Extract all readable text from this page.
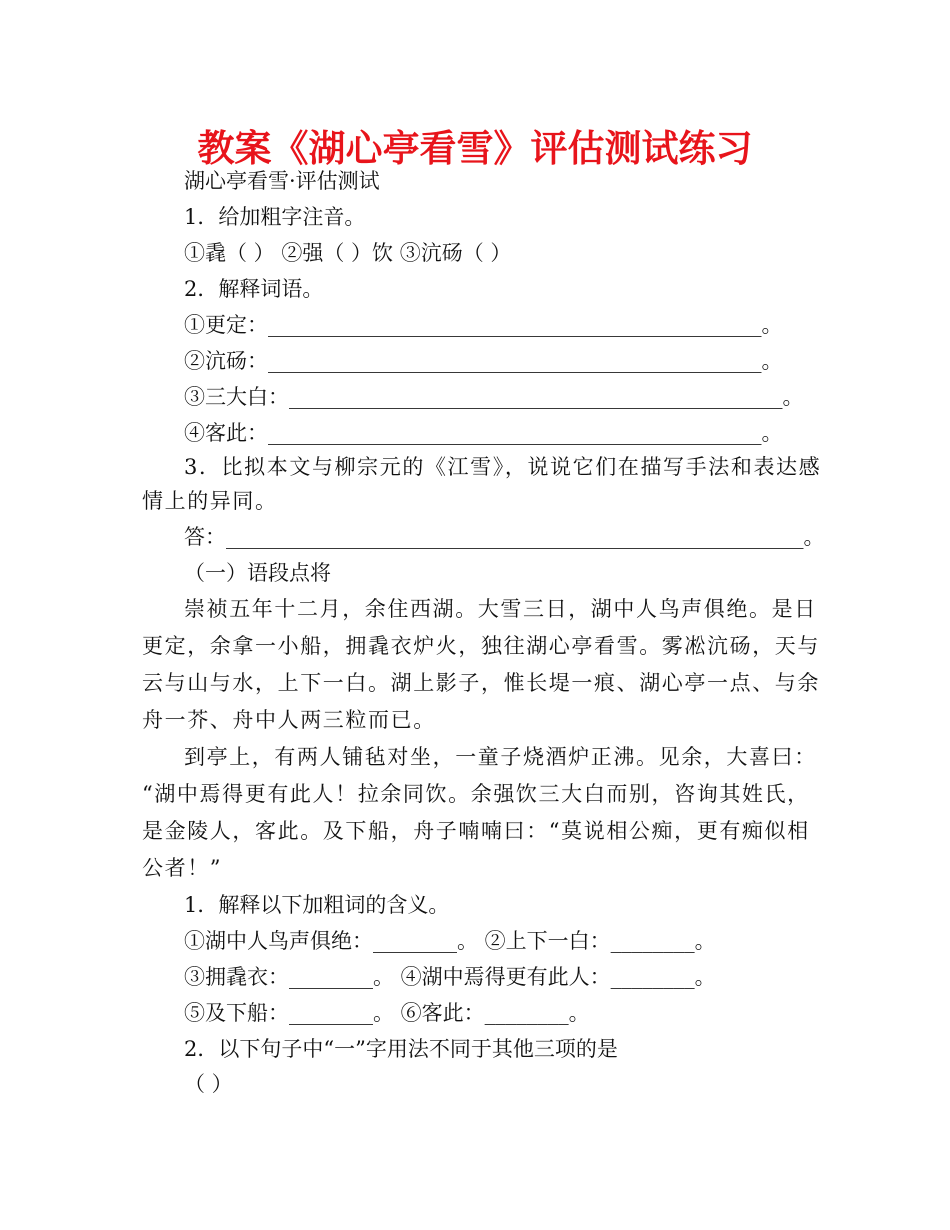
教案《湖心亭看雪》评估测试练习
湖心亭看雪·评估测试
1．给加粗字注音。
①毳（ ） ②强（ ）饮 ③沆砀（ ）
2．解释词语。
①更定：_______________________________________________。
②沆砀：_______________________________________________。
③三大白：_______________________________________________。
④客此：_______________________________________________。
3．比拟本文与柳宗元的《江雪》，说说它们在描写手法和表达感
情上的异同。
答：_______________________________________________________。
（一）语段点将
崇祯五年十二月，余住西湖。大雪三日，湖中人鸟声俱绝。是日
更定，余拿一小船，拥毳衣炉火，独往湖心亭看雪。雾凇沆砀，天与
云与山与水，上下一白。湖上影子，惟长堤一痕、湖心亭一点、与余
舟一芥、舟中人两三粒而已。
到亭上，有两人铺毡对坐，一童子烧酒炉正沸。见余，大喜曰：
“湖中焉得更有此人！拉余同饮。余强饮三大白而别，咨询其姓氏，
是金陵人，客此。及下船，舟子喃喃曰：“莫说相公痴，更有痴似相
公者！”
1．解释以下加粗词的含义。
①湖中人鸟声俱绝：________。 ②上下一白：________。
③拥毳衣：________。 ④湖中焉得更有此人：________。
⑤及下船：________。 ⑥客此：________。
2．以下句子中“一”字用法不同于其他三项的是
（ ）
